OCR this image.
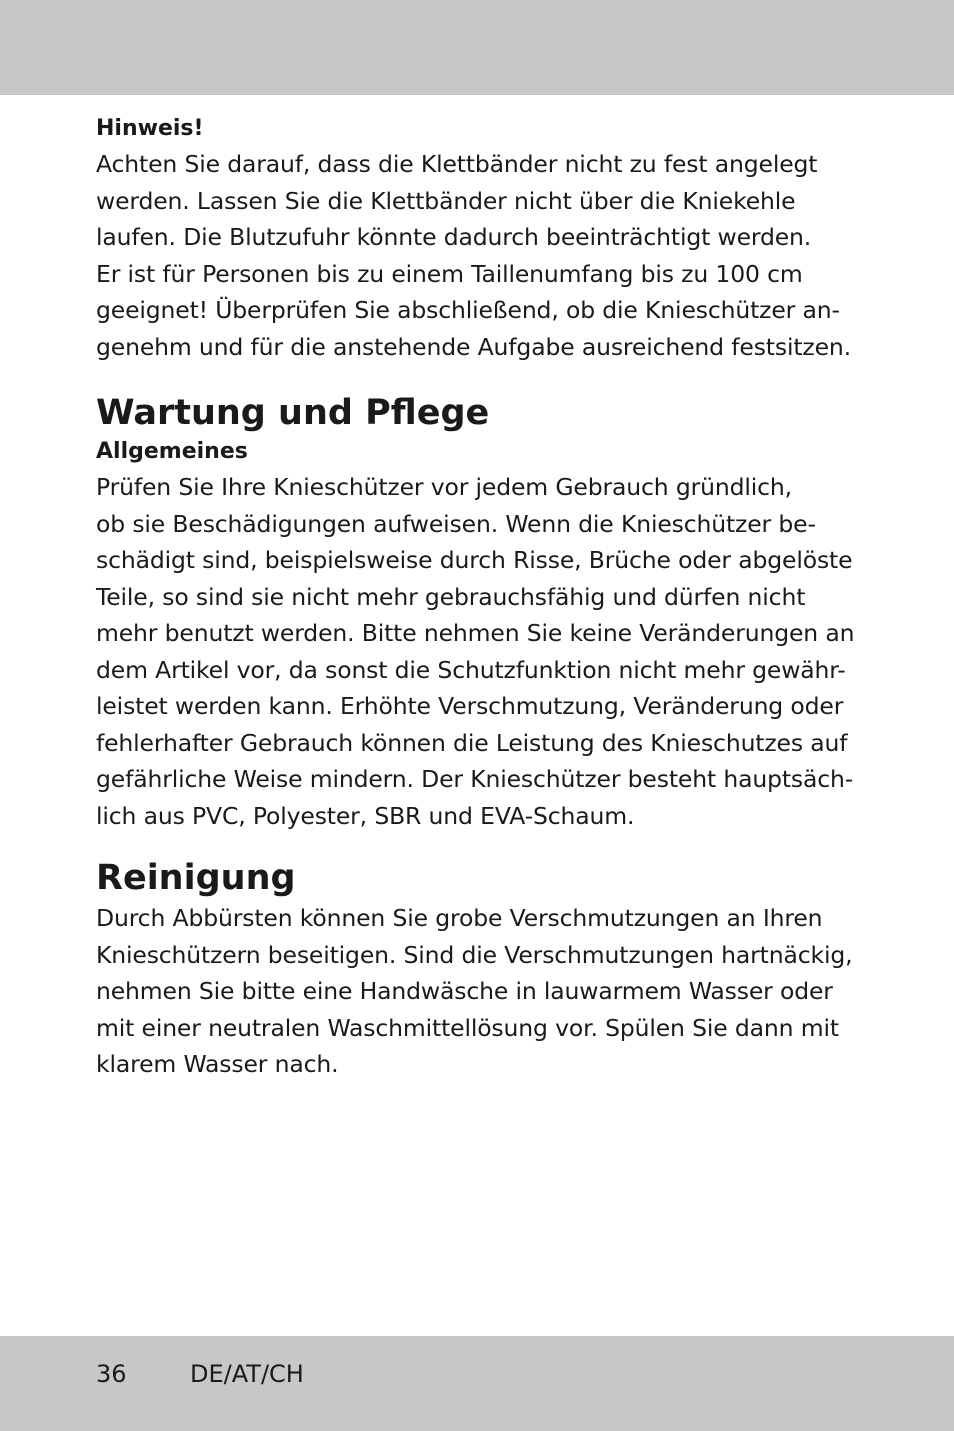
Hinweis!

Achten Sie darauf, dass die Klettbänder nicht zu fest angelegt
werden. Lassen Sie die Klettbänder nicht über die Kniekehle
laufen. Die Blutzufuhr könnte dadurch beeinträchtigt werden.
Er ist für Personen bis zu einem Taillenumfang bis zu 100 cm
geeignet! Überprüfen Sie abschließend, ob die Knieschützer an-
genehm und für die anstehende Aufgabe ausreichend festsitzen.
Wartung und Pflege

Allgemeines

Prüfen Sie Ihre Knieschützer vor jedem Gebrauch gründlich,
ob sie Beschädigungen aufweisen. Wenn die Knieschützer be-
schädigt sind, beispielsweise durch Risse, Brüche oder abgelöste
Teile, so sind sie nicht mehr gebrauchsfähig und dürfen nicht
mehr benutzt werden. Bitte nehmen Sie keine Veränderungen an
dem Artikel vor, da sonst die Schutzfunktion nicht mehr gewähr-
leistet werden kann. Erhöhte Verschmutzung, Veränderung oder
fehlerhafter Gebrauch können die Leistung des Knieschutzes auf
gefährliche Weise mindern. Der Knieschützer besteht hauptsäch-
lich aus PVC, Polyester, SBR und EVA-Schaum.
Reinigung
Durch Abbürsten können Sie grobe Verschmutzungen an Ihren
Knieschützern beseitigen. Sind die Verschmutzungen hartnäckig,
nehmen Sie bitte eine Handwäsche in lauwarmem Wasser oder
mit einer neutralen Waschmittellösung vor. Spülen Sie dann mit
klarem Wasser nach.
36	DE/AT/CH
